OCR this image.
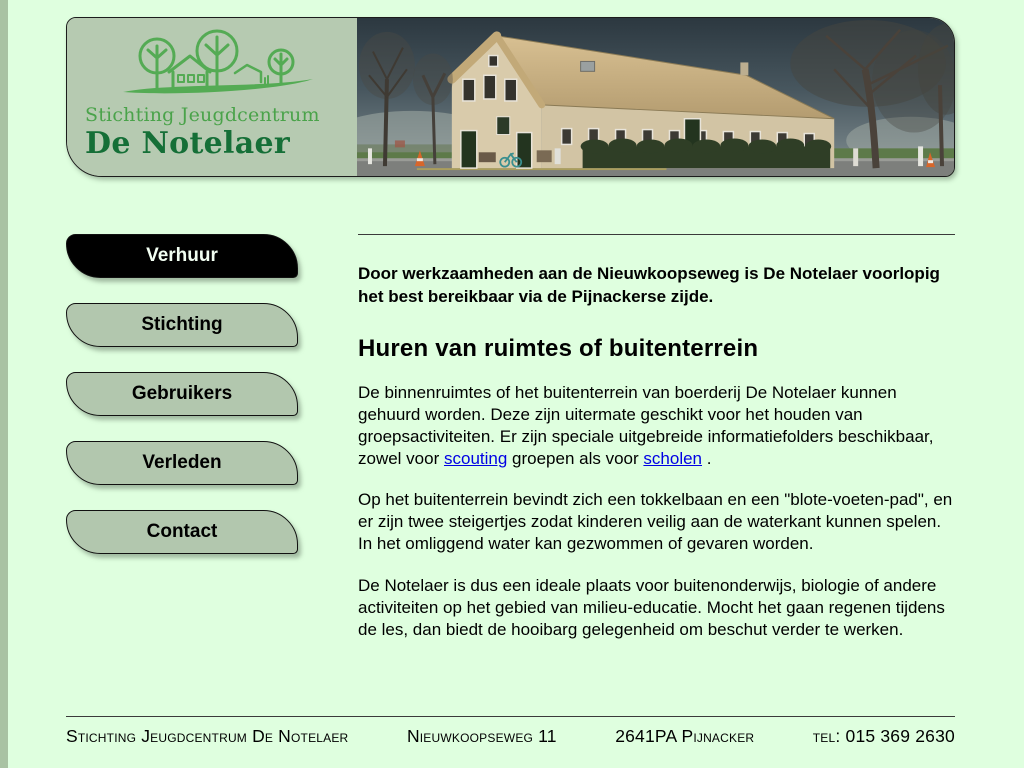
Stichting Jeugdcentrum
De Notelaer
Verhuur
Stichting
Gebruikers
Verleden
Contact

Door werkzaamheden aan de Nieuwkoopseweg is De Notelaer voorlopig het best bereikbaar via de Pijnackerse zijde.

Huren van ruimtes of buitenterrein

De binnenruimtes of het buitenterrein van boerderij De Notelaer kunnen gehuurd worden. Deze zijn uitermate geschikt voor het houden van groepsactiviteiten. Er zijn speciale uitgebreide informatiefolders beschikbaar, zowel voor scouting groepen als voor scholen .

Op het buitenterrein bevindt zich een tokkelbaan en een "blote-voeten-pad", en er zijn twee steigertjes zodat kinderen veilig aan de waterkant kunnen spelen. In het omliggend water kan gezwommen of gevaren worden.

De Notelaer is dus een ideale plaats voor buitenonderwijs, biologie of andere activiteiten op het gebied van milieu-educatie. Mocht het gaan regenen tijdens de les, dan biedt de hooibarg gelegenheid om beschut verder te werken.

Stichting Jeugdcentrum De Notelaer	Nieuwkoopseweg 11	2641PA Pijnacker	tel: 015 369 2630
